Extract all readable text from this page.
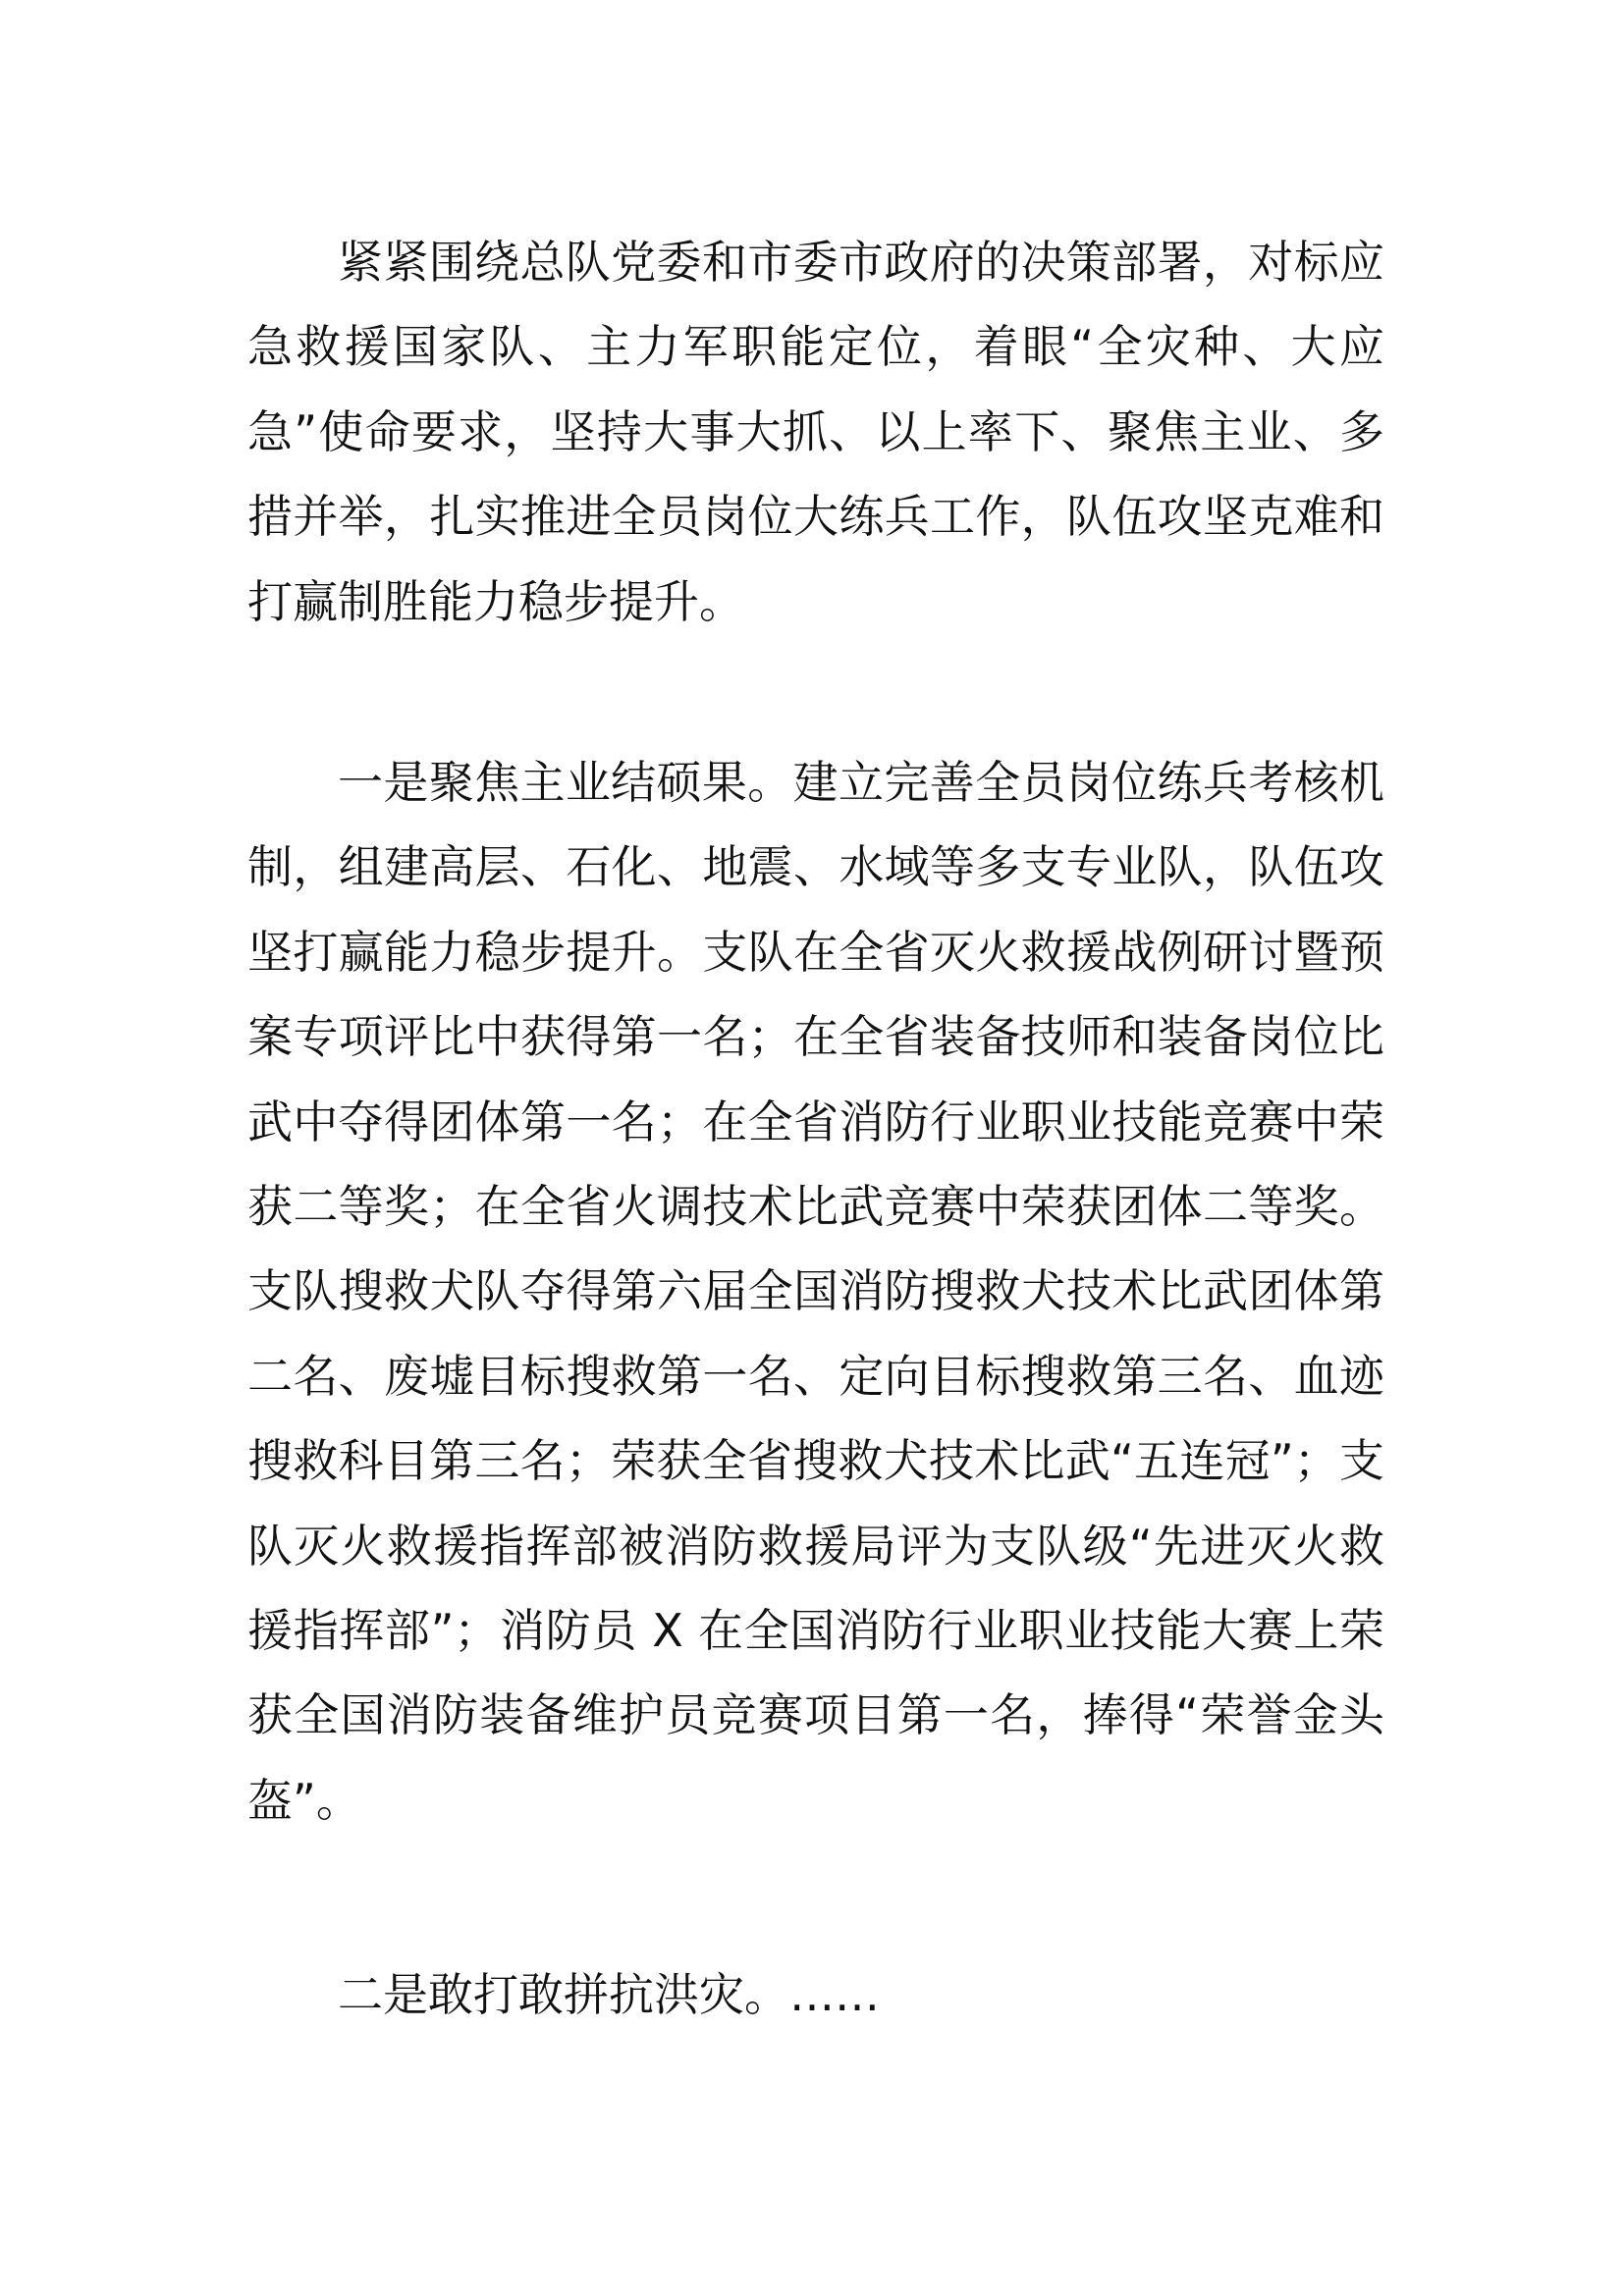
紧紧围绕总队党委和市委市政府的决策部署，对标应急救援国家队、主力军职能定位，着眼“全灾种、大应急”使命要求，坚持大事大抓、以上率下、聚焦主业、多措并举，扎实推进全员岗位大练兵工作，队伍攻坚克难和打赢制胜能力稳步提升。

一是聚焦主业结硕果。建立完善全员岗位练兵考核机制，组建高层、石化、地震、水域等多支专业队，队伍攻坚打赢能力稳步提升。支队在全省灭火救援战例研讨暨预案专项评比中获得第一名；在全省装备技师和装备岗位比武中夺得团体第一名；在全省消防行业职业技能竞赛中荣获二等奖；在全省火调技术比武竞赛中荣获团体二等奖。支队搜救犬队夺得第六届全国消防搜救犬技术比武团体第二名、废墟目标搜救第一名、定向目标搜救第三名、血迹搜救科目第三名；荣获全省搜救犬技术比武“五连冠”；支队灭火救援指挥部被消防救援局评为支队级“先进灭火救援指挥部”；消防员 X 在全国消防行业职业技能大赛上荣获全国消防装备维护员竞赛项目第一名，捧得“荣誉金头盔”。

二是敢打敢拼抗洪灾。……
